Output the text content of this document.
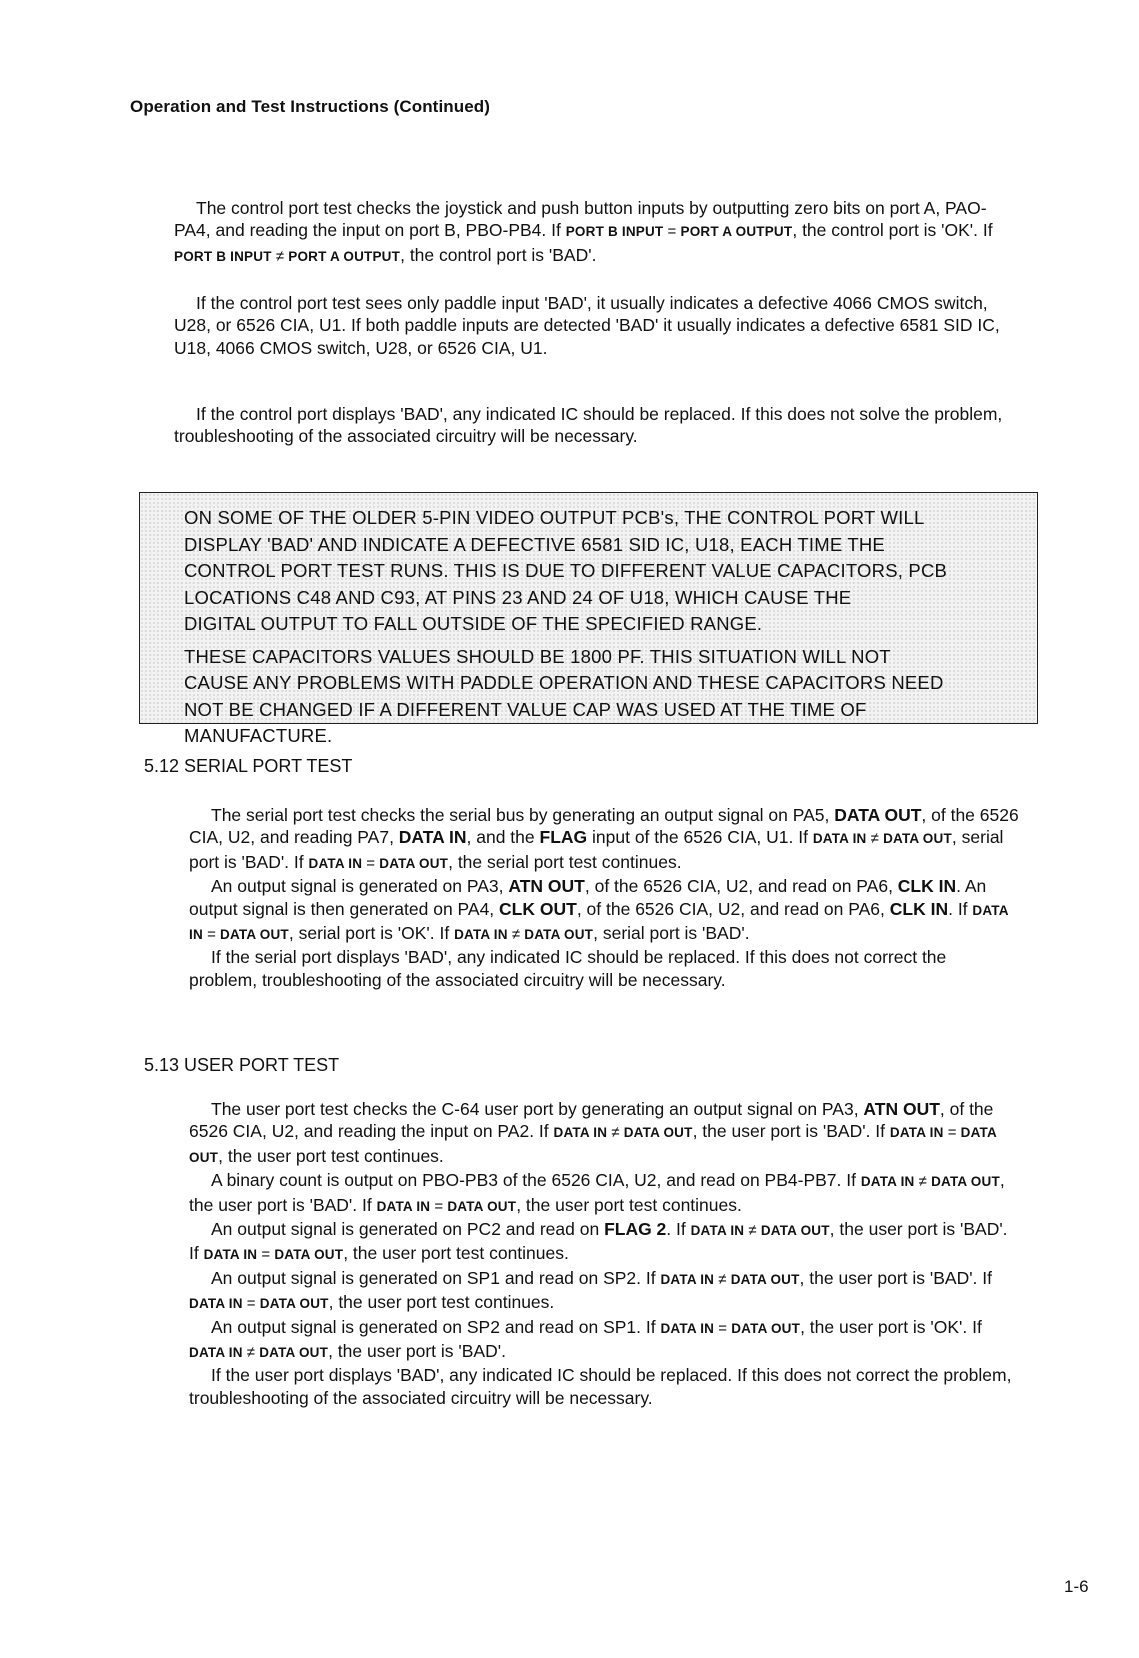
Operation and Test Instructions (Continued)

The control port test checks the joystick and push button inputs by outputting zero bits on port A, PAO-PA4, and reading the input on port B, PBO-PB4. If PORT B INPUT = PORT A OUTPUT, the control port is 'OK'. If PORT B INPUT ≠ PORT A OUTPUT, the control port is 'BAD'.

If the control port test sees only paddle input 'BAD', it usually indicates a defective 4066 CMOS switch, U28, or 6526 CIA, U1. If both paddle inputs are detected 'BAD' it usually indicates a defective 6581 SID IC, U18, 4066 CMOS switch, U28, or 6526 CIA, U1.

If the control port displays 'BAD', any indicated IC should be replaced. If this does not solve the problem, troubleshooting of the associated circuitry will be necessary.

ON SOME OF THE OLDER 5-PIN VIDEO OUTPUT PCB's, THE CONTROL PORT WILL

DISPLAY 'BAD' AND INDICATE A DEFECTIVE 6581 SID IC, U18, EACH TIME THE

CONTROL PORT TEST RUNS. THIS IS DUE TO DIFFERENT VALUE CAPACITORS, PCB

LOCATIONS C48 AND C93, AT PINS 23 AND 24 OF U18, WHICH CAUSE THE

DIGITAL OUTPUT TO FALL OUTSIDE OF THE SPECIFIED RANGE.

THESE CAPACITORS VALUES SHOULD BE 1800 PF. THIS SITUATION WILL NOT

CAUSE ANY PROBLEMS WITH PADDLE OPERATION AND THESE CAPACITORS NEED

NOT BE CHANGED IF A DIFFERENT VALUE CAP WAS USED AT THE TIME OF

MANUFACTURE.

5.12 SERIAL PORT TEST

The serial port test checks the serial bus by generating an output signal on PA5, DATA OUT, of the 6526 CIA, U2, and reading PA7, DATA IN, and the FLAG input of the 6526 CIA, U1. If DATA IN ≠ DATA OUT, serial port is 'BAD'. If DATA IN = DATA OUT, the serial port test continues.

An output signal is generated on PA3, ATN OUT, of the 6526 CIA, U2, and read on PA6, CLK IN. An output signal is then generated on PA4, CLK OUT, of the 6526 CIA, U2, and read on PA6, CLK IN. If DATA IN = DATA OUT, serial port is 'OK'. If DATA IN ≠ DATA OUT, serial port is 'BAD'.

If the serial port displays 'BAD', any indicated IC should be replaced. If this does not correct the problem, troubleshooting of the associated circuitry will be necessary.

5.13 USER PORT TEST

The user port test checks the C-64 user port by generating an output signal on PA3, ATN OUT, of the 6526 CIA, U2, and reading the input on PA2. If DATA IN ≠ DATA OUT, the user port is 'BAD'. If DATA IN = DATA OUT, the user port test continues.

A binary count is output on PBO-PB3 of the 6526 CIA, U2, and read on PB4-PB7. If DATA IN ≠ DATA OUT, the user port is 'BAD'. If DATA IN = DATA OUT, the user port test continues.

An output signal is generated on PC2 and read on FLAG 2. If DATA IN ≠ DATA OUT, the user port is 'BAD'. If DATA IN = DATA OUT, the user port test continues.

An output signal is generated on SP1 and read on SP2. If DATA IN ≠ DATA OUT, the user port is 'BAD'. If DATA IN = DATA OUT, the user port test continues.

An output signal is generated on SP2 and read on SP1. If DATA IN = DATA OUT, the user port is 'OK'. If DATA IN ≠ DATA OUT, the user port is 'BAD'.

If the user port displays 'BAD', any indicated IC should be replaced. If this does not correct the problem, troubleshooting of the associated circuitry will be necessary.

1-6
